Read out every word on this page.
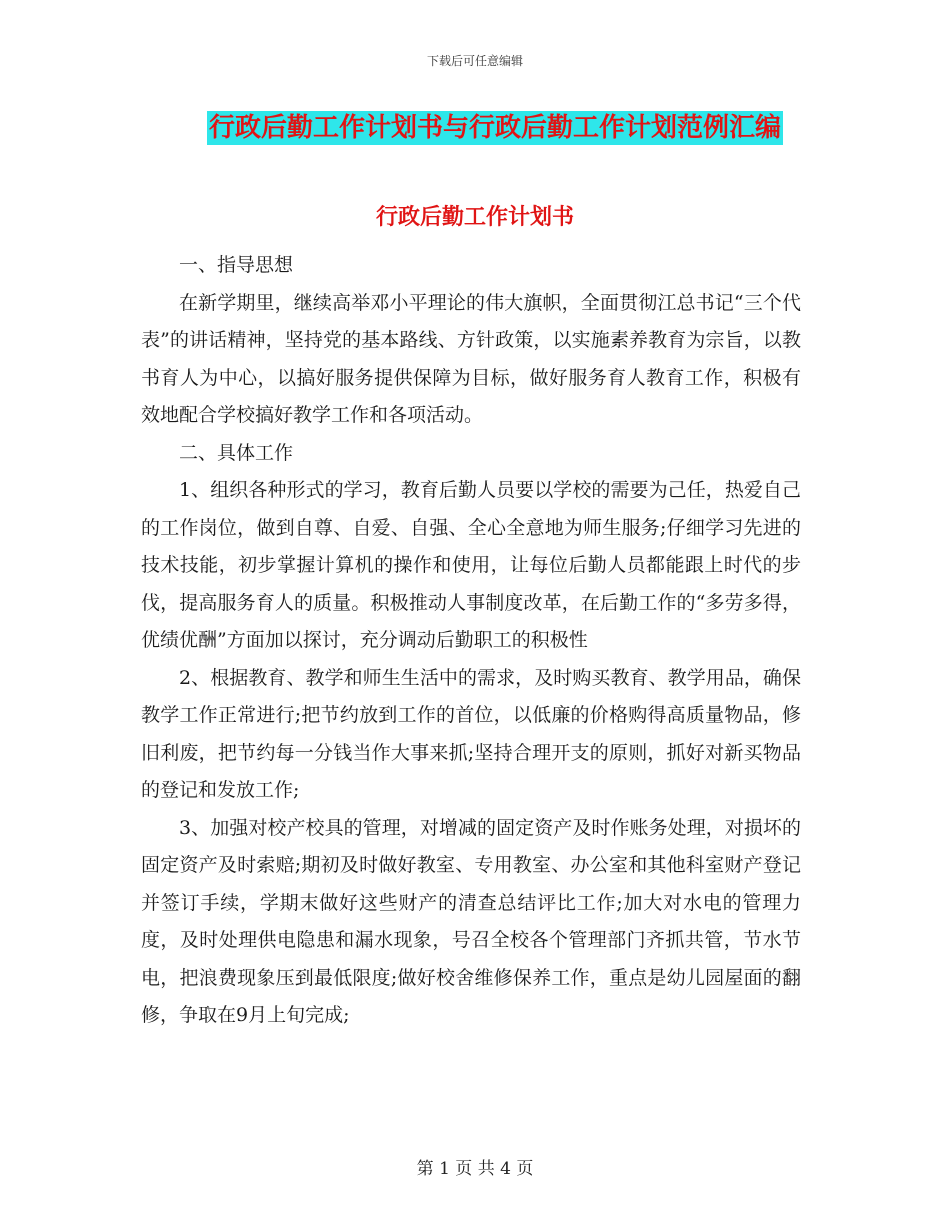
下载后可任意编辑
行政后勤工作计划书与行政后勤工作计划范例汇编
行政后勤工作计划书

一、指导思想

在新学期里，继续高举邓小平理论的伟大旗帜，全面贯彻江总书记“三个代表”的讲话精神，坚持党的基本路线、方针政策，以实施素养教育为宗旨，以教书育人为中心，以搞好服务提供保障为目标，做好服务育人教育工作，积极有效地配合学校搞好教学工作和各项活动。

二、具体工作

1、组织各种形式的学习，教育后勤人员要以学校的需要为己任，热爱自己的工作岗位，做到自尊、自爱、自强、全心全意地为师生服务;仔细学习先进的技术技能，初步掌握计算机的操作和使用，让每位后勤人员都能跟上时代的步伐，提高服务育人的质量。积极推动人事制度改革，在后勤工作的“多劳多得，优绩优酬”方面加以探讨，充分调动后勤职工的积极性

2、根据教育、教学和师生生活中的需求，及时购买教育、教学用品，确保教学工作正常进行;把节约放到工作的首位，以低廉的价格购得高质量物品，修旧利废，把节约每一分钱当作大事来抓;坚持合理开支的原则，抓好对新买物品的登记和发放工作;

3、加强对校产校具的管理，对增减的固定资产及时作账务处理，对损坏的固定资产及时索赔;期初及时做好教室、专用教室、办公室和其他科室财产登记并签订手续，学期末做好这些财产的清查总结评比工作;加大对水电的管理力度，及时处理供电隐患和漏水现象，号召全校各个管理部门齐抓共管，节水节电，把浪费现象压到最低限度;做好校舍维修保养工作，重点是幼儿园屋面的翻修，争取在9月上旬完成;

第 1 页 共 4 页
